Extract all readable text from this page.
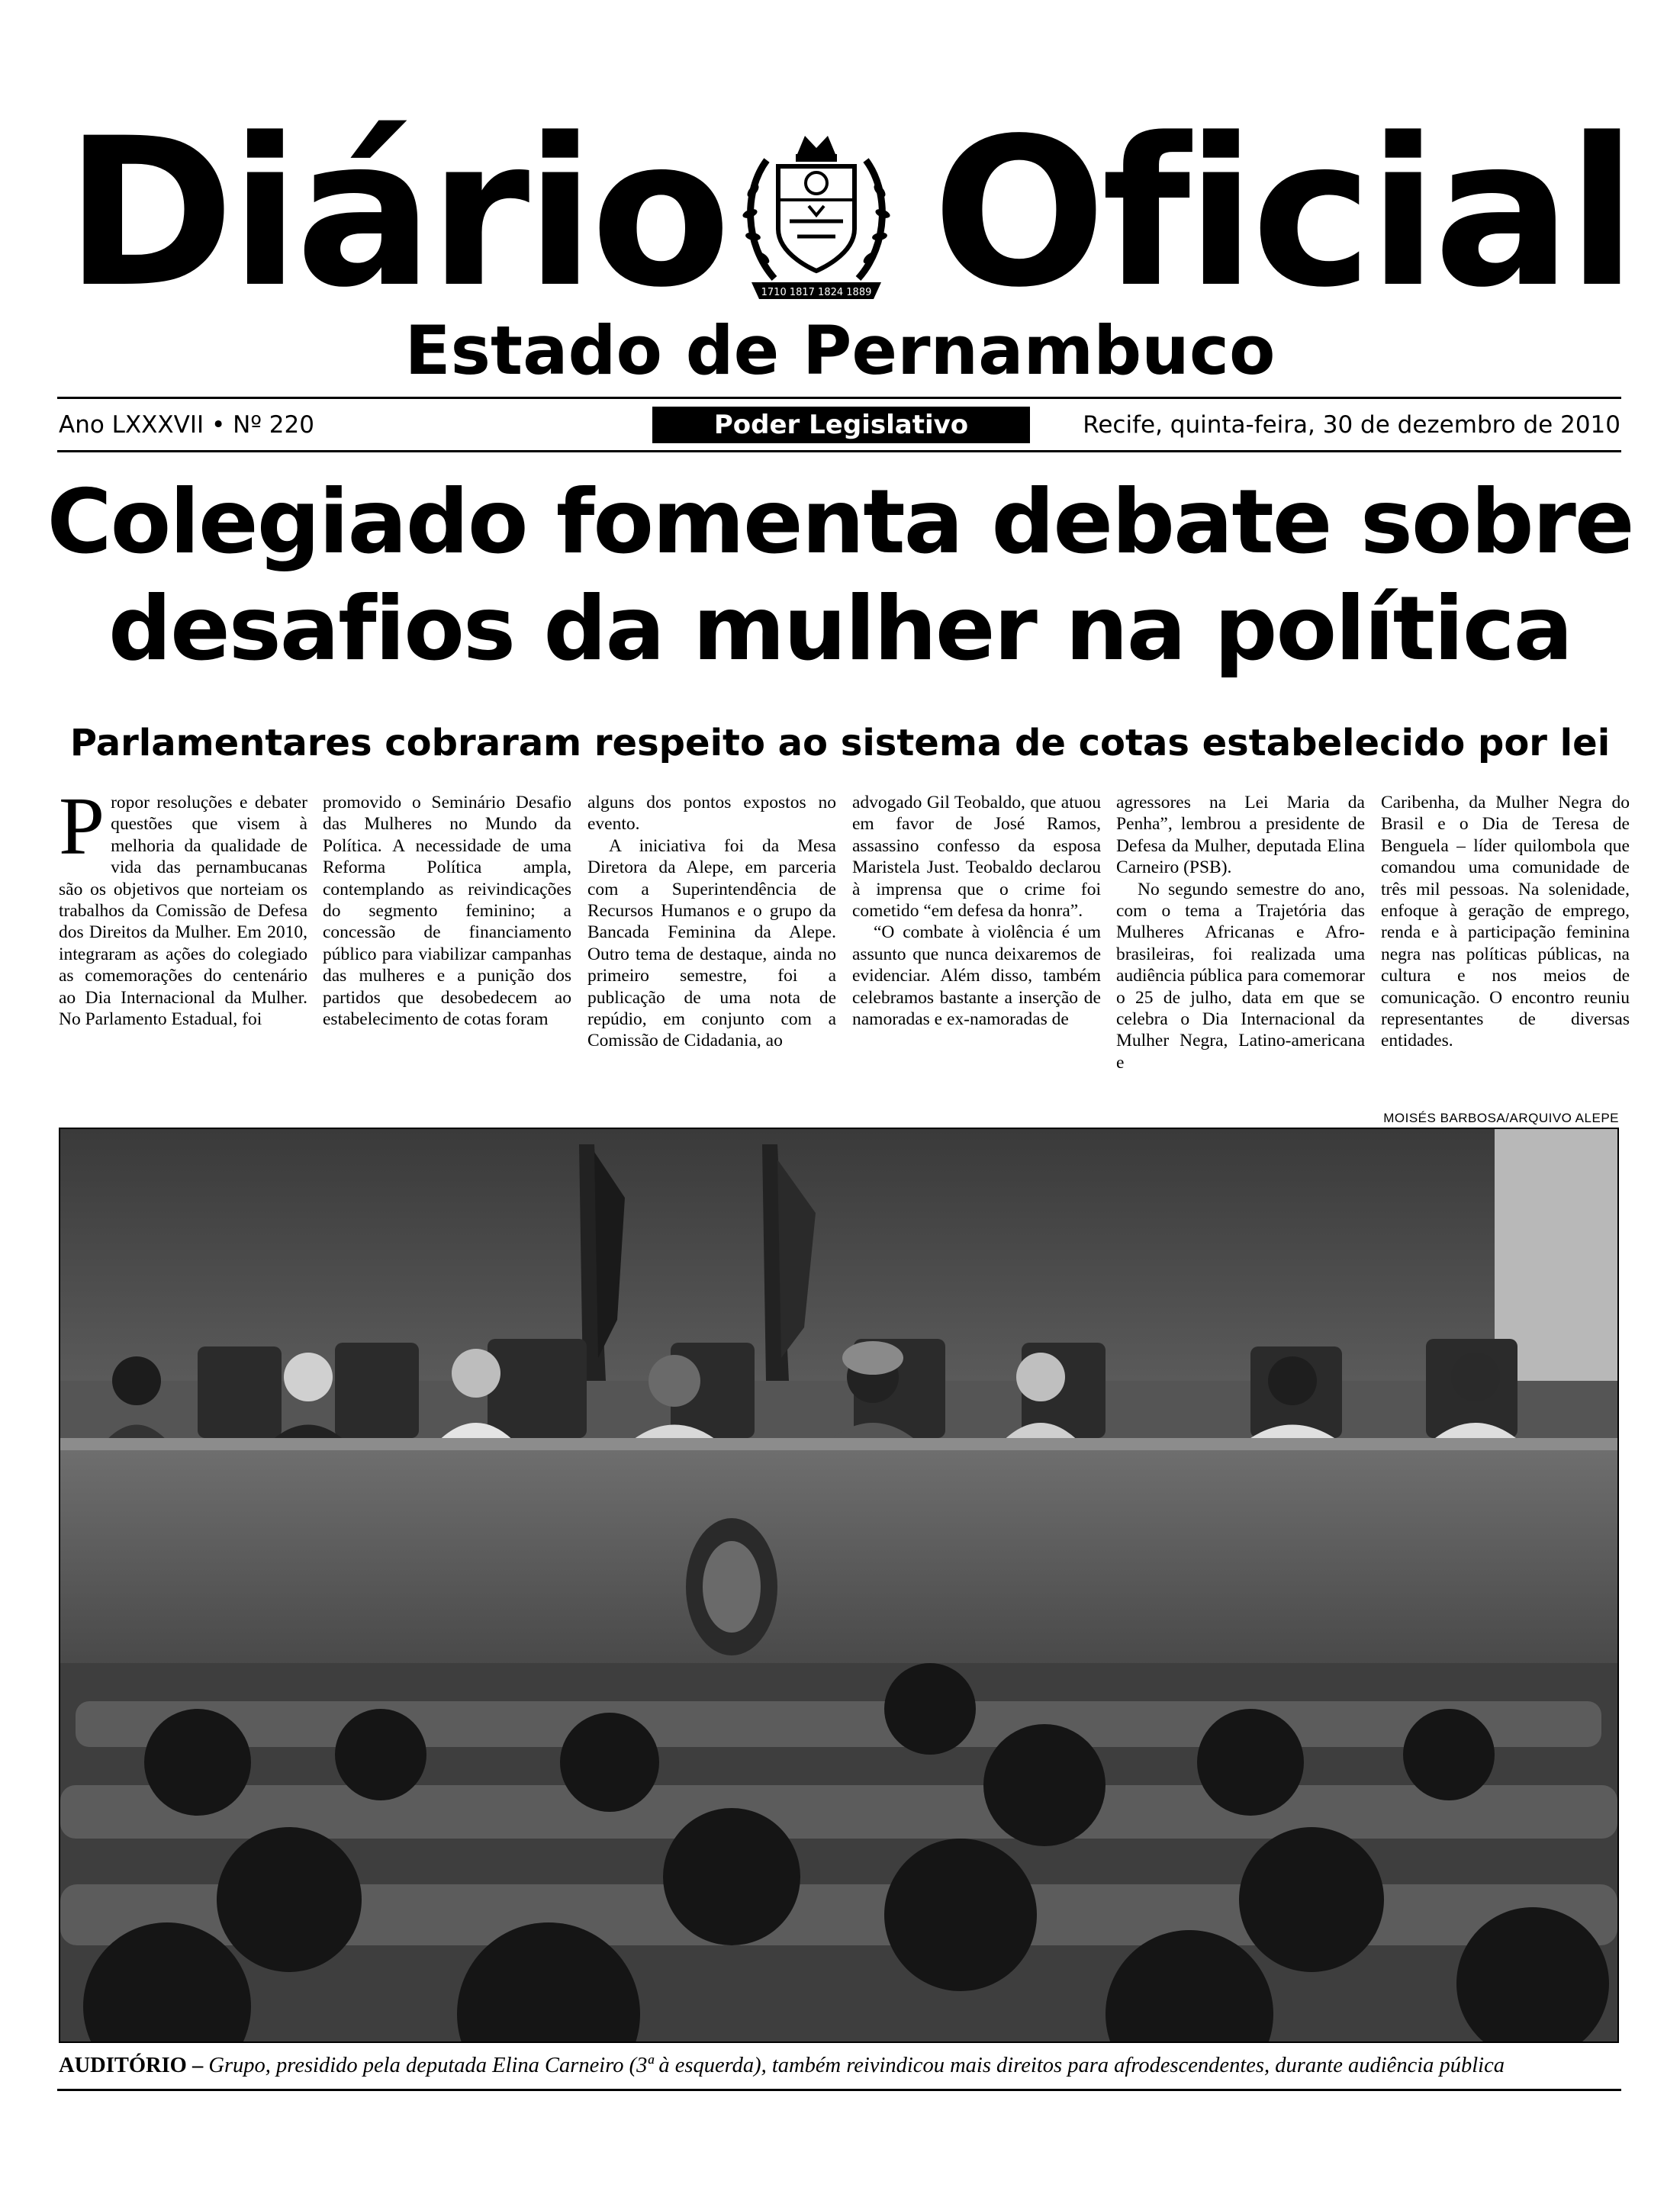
Diário	1710 1817 1824 1889 Oficial
Estado de Pernambuco
Ano LXXXVII • Nº 220	Poder Legislativo	Recife, quinta-feira, 30 de dezembro de 2010
Colegiado fomenta debate sobre
desafios da mulher na política
Parlamentares cobraram respeito ao sistema de cotas estabelecido por lei

Propor resoluções e debater questões que visem à melhoria da qualidade de vida das pernambucanas são os objetivos que norteiam os trabalhos da Comissão de Defesa dos Direitos da Mulher. Em 2010, integraram as ações do colegiado as comemorações do centenário ao Dia Internacional da Mulher. No Parlamento Estadual, foi

promovido o Seminário Desafio das Mulheres no Mundo da Política. A necessidade de uma Reforma Política ampla, contemplando as reivindicações do segmento feminino; a concessão de financiamento público para viabilizar campanhas das mulheres e a punição dos partidos que desobedecem ao estabelecimento de cotas foram

alguns dos pontos expostos no evento.

A iniciativa foi da Mesa Diretora da Alepe, em parceria com a Superintendência de Recursos Humanos e o grupo da Bancada Feminina da Alepe. Outro tema de destaque, ainda no primeiro semestre, foi a publicação de uma nota de repúdio, em conjunto com a Comissão de Cidadania, ao

advogado Gil Teobaldo, que atuou em favor de José Ramos, assassino confesso da esposa Maristela Just. Teobaldo declarou à imprensa que o crime foi cometido “em defesa da honra”.

“O combate à violência é um assunto que nunca deixaremos de evidenciar. Além disso, também celebramos bastante a inserção de namoradas e ex-namoradas de

agressores na Lei Maria da Penha”, lembrou a presidente de Defesa da Mulher, deputada Elina Carneiro (PSB).

No segundo semestre do ano, com o tema a Trajetória das Mulheres Africanas e Afro-brasileiras, foi realizada uma audiência pública para comemorar o 25 de julho, data em que se celebra o Dia Internacional da Mulher Negra, Latino-americana e

Caribenha, da Mulher Negra do Brasil e o Dia de Teresa de Benguela – líder quilombola que comandou uma comunidade de três mil pessoas. Na solenidade, enfoque à geração de emprego, renda e à participação feminina negra nas políticas públicas, na cultura e nos meios de comunicação. O encontro reuniu representantes de diversas entidades.

MOISÉS BARBOSA/ARQUIVO ALEPE
AUDITÓRIO – Grupo, presidido pela deputada Elina Carneiro (3ª à esquerda), também reivindicou mais direitos para afrodescendentes, durante audiência pública
